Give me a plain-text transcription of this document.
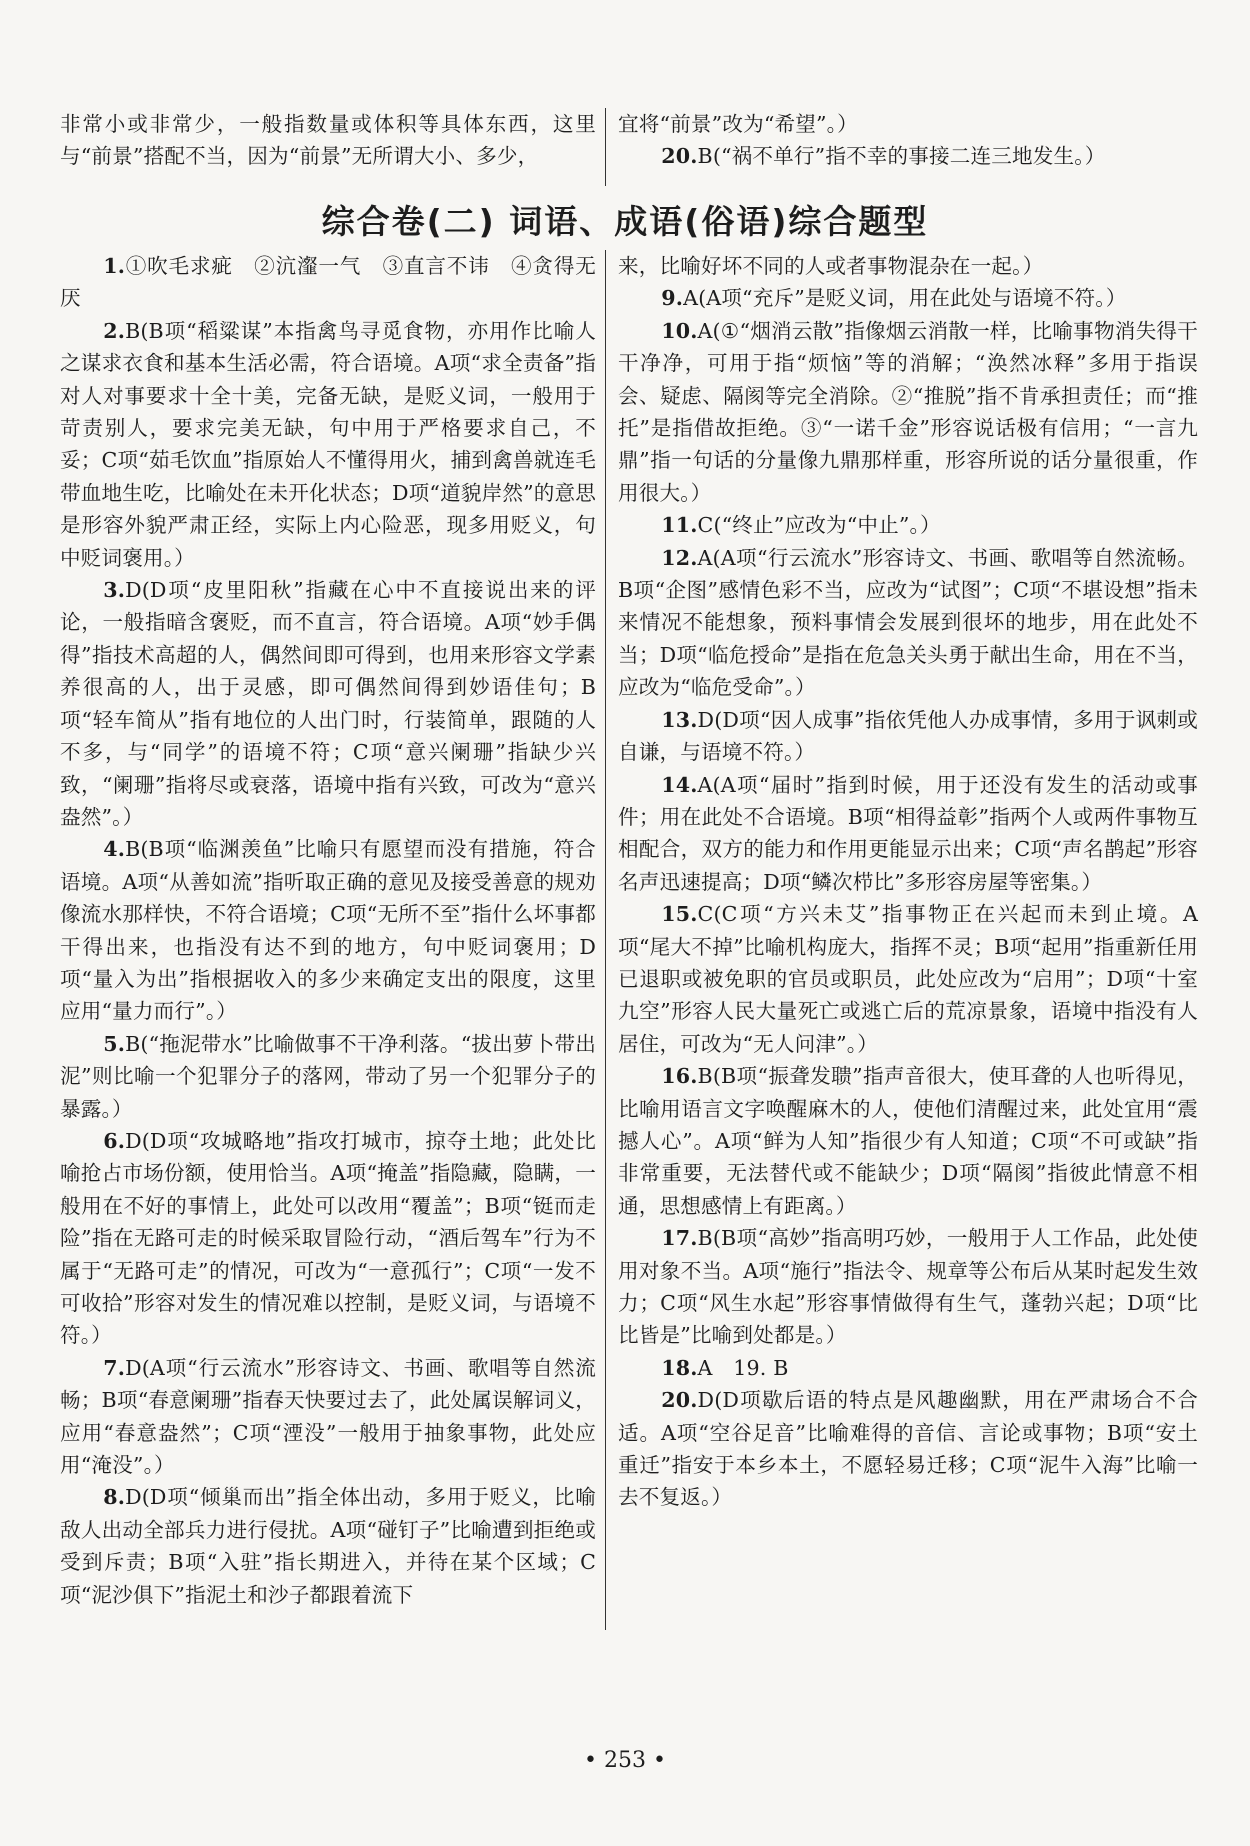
非常小或非常少，一般指数量或体积等具体东西，这里与“前景”搭配不当，因为“前景”无所谓大小、多少，

宜将“前景”改为“希望”。）

20.B(“祸不单行”指不幸的事接二连三地发生。）

综合卷(二) 词语、成语(俗语)综合题型

1.①吹毛求疵　②沆瀣一气　③直言不讳　④贪得无厌

2.B(B项“稻粱谋”本指禽鸟寻觅食物，亦用作比喻人之谋求衣食和基本生活必需，符合语境。A项“求全责备”指对人对事要求十全十美，完备无缺，是贬义词，一般用于苛责别人，要求完美无缺，句中用于严格要求自己，不妥；C项“茹毛饮血”指原始人不懂得用火，捕到禽兽就连毛带血地生吃，比喻处在未开化状态；D项“道貌岸然”的意思是形容外貌严肃正经，实际上内心险恶，现多用贬义，句中贬词褒用。）

3.D(D项“皮里阳秋”指藏在心中不直接说出来的评论，一般指暗含褒贬，而不直言，符合语境。A项“妙手偶得”指技术高超的人，偶然间即可得到，也用来形容文学素养很高的人，出于灵感，即可偶然间得到妙语佳句；B项“轻车简从”指有地位的人出门时，行装简单，跟随的人不多，与“同学”的语境不符；C项“意兴阑珊”指缺少兴致，“阑珊”指将尽或衰落，语境中指有兴致，可改为“意兴盎然”。）

4.B(B项“临渊羡鱼”比喻只有愿望而没有措施，符合语境。A项“从善如流”指听取正确的意见及接受善意的规劝像流水那样快，不符合语境；C项“无所不至”指什么坏事都干得出来，也指没有达不到的地方，句中贬词褒用；D项“量入为出”指根据收入的多少来确定支出的限度，这里应用“量力而行”。）

5.B(“拖泥带水”比喻做事不干净利落。“拔出萝卜带出泥”则比喻一个犯罪分子的落网，带动了另一个犯罪分子的暴露。）

6.D(D项“攻城略地”指攻打城市，掠夺土地；此处比喻抢占市场份额，使用恰当。A项“掩盖”指隐藏，隐瞒，一般用在不好的事情上，此处可以改用“覆盖”；B项“铤而走险”指在无路可走的时候采取冒险行动，“酒后驾车”行为不属于“无路可走”的情况，可改为“一意孤行”；C项“一发不可收拾”形容对发生的情况难以控制，是贬义词，与语境不符。）

7.D(A项“行云流水”形容诗文、书画、歌唱等自然流畅；B项“春意阑珊”指春天快要过去了，此处属误解词义，应用“春意盎然”；C项“湮没”一般用于抽象事物，此处应用“淹没”。）

8.D(D项“倾巢而出”指全体出动，多用于贬义，比喻敌人出动全部兵力进行侵扰。A项“碰钉子”比喻遭到拒绝或受到斥责；B项“入驻”指长期进入，并待在某个区域；C项“泥沙俱下”指泥土和沙子都跟着流下

来，比喻好坏不同的人或者事物混杂在一起。）

9.A(A项“充斥”是贬义词，用在此处与语境不符。）

10.A(①“烟消云散”指像烟云消散一样，比喻事物消失得干干净净，可用于指“烦恼”等的消解；“涣然冰释”多用于指误会、疑虑、隔阂等完全消除。②“推脱”指不肯承担责任；而“推托”是指借故拒绝。③“一诺千金”形容说话极有信用；“一言九鼎”指一句话的分量像九鼎那样重，形容所说的话分量很重，作用很大。）

11.C(“终止”应改为“中止”。）

12.A(A项“行云流水”形容诗文、书画、歌唱等自然流畅。B项“企图”感情色彩不当，应改为“试图”；C项“不堪设想”指未来情况不能想象，预料事情会发展到很坏的地步，用在此处不当；D项“临危授命”是指在危急关头勇于献出生命，用在不当，应改为“临危受命”。）

13.D(D项“因人成事”指依凭他人办成事情，多用于讽刺或自谦，与语境不符。）

14.A(A项“届时”指到时候，用于还没有发生的活动或事件；用在此处不合语境。B项“相得益彰”指两个人或两件事物互相配合，双方的能力和作用更能显示出来；C项“声名鹊起”形容名声迅速提高；D项“鳞次栉比”多形容房屋等密集。）

15.C(C项“方兴未艾”指事物正在兴起而未到止境。A项“尾大不掉”比喻机构庞大，指挥不灵；B项“起用”指重新任用已退职或被免职的官员或职员，此处应改为“启用”；D项“十室九空”形容人民大量死亡或逃亡后的荒凉景象，语境中指没有人居住，可改为“无人问津”。）

16.B(B项“振聋发聩”指声音很大，使耳聋的人也听得见，比喻用语言文字唤醒麻木的人，使他们清醒过来，此处宜用“震撼人心”。A项“鲜为人知”指很少有人知道；C项“不可或缺”指非常重要，无法替代或不能缺少；D项“隔阂”指彼此情意不相通，思想感情上有距离。）

17.B(B项“高妙”指高明巧妙，一般用于人工作品，此处使用对象不当。A项“施行”指法令、规章等公布后从某时起发生效力；C项“风生水起”形容事情做得有生气，蓬勃兴起；D项“比比皆是”比喻到处都是。）

18.A　19. B

20.D(D项歇后语的特点是风趣幽默，用在严肃场合不合适。A项“空谷足音”比喻难得的音信、言论或事物；B项“安土重迁”指安于本乡本土，不愿轻易迁移；C项“泥牛入海”比喻一去不复返。）

• 253 •
